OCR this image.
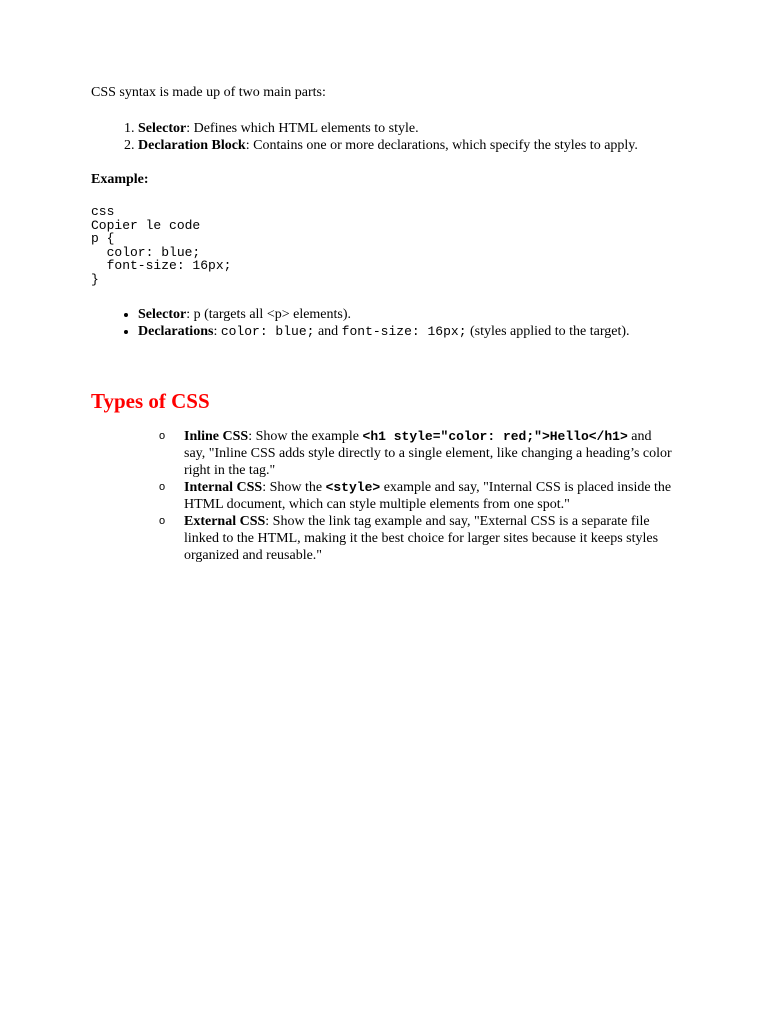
CSS syntax is made up of two main parts:

1. Selector: Defines which HTML elements to style.
2. Declaration Block: Contains one or more declarations, which specify the styles to apply.

Example:

css
Copier le code
p {
color: blue;
font-size: 16px;
}
• Selector: p (targets all <p> elements).
• Declarations: color: blue; and font-size: 16px; (styles applied to the target).
Types of CSS
o Inline CSS: Show the example <h1 style="color: red;">Hello</h1> and say, "Inline CSS adds style directly to a single element, like changing a heading’s color right in the tag."
o Internal CSS: Show the <style> example and say, "Internal CSS is placed inside the HTML document, which can style multiple elements from one spot."
o External CSS: Show the link tag example and say, "External CSS is a separate file linked to the HTML, making it the best choice for larger sites because it keeps styles organized and reusable."
